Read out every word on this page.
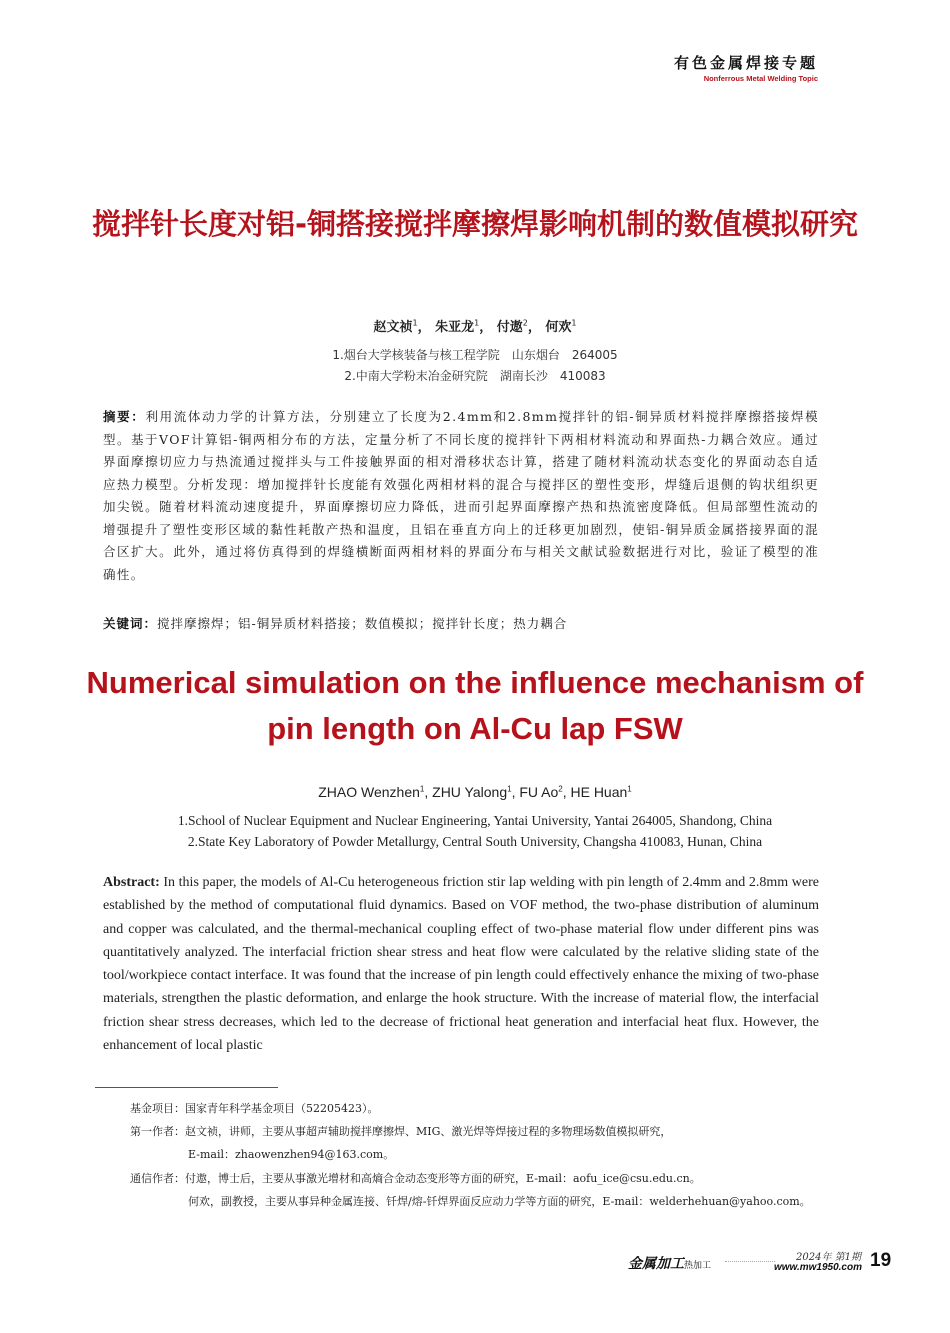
有色金属焊接专题
Nonferrous Metal Welding Topic
搅拌针长度对铝-铜搭接搅拌摩擦焊影响机制的数值模拟研究
赵文祯$^1$， 朱亚龙$^1$， 付遨$^2$， 何欢$^1$
1.烟台大学核装备与核工程学院 山东烟台 264005
2.中南大学粉末冶金研究院 湖南长沙 410083
摘要：利用流体动力学的计算方法，分别建立了长度为2.4mm和2.8mm搅拌针的铝-铜异质材料搅拌摩擦搭接焊模型。基于VOF计算铝-铜两相分布的方法，定量分析了不同长度的搅拌针下两相材料流动和界面热-力耦合效应。通过界面摩擦切应力与热流通过搅拌头与工件接触界面的相对滑移状态计算，搭建了随材料流动状态变化的界面动态自适应热力模型。分析发现：增加搅拌针长度能有效强化两相材料的混合与搅拌区的塑性变形，焊缝后退侧的钩状组织更加尖锐。随着材料流动速度提升，界面摩擦切应力降低，进而引起界面摩擦产热和热流密度降低。但局部塑性流动的增强提升了塑性变形区域的黏性耗散产热和温度，且铝在垂直方向上的迁移更加剧烈，使铝-铜异质金属搭接界面的混合区扩大。此外，通过将仿真得到的焊缝横断面两相材料的界面分布与相关文献试验数据进行对比，验证了模型的准确性。
关键词：搅拌摩擦焊；铝-铜异质材料搭接；数值模拟；搅拌针长度；热力耦合
Numerical simulation on the influence mechanism of pin length on Al-Cu lap FSW
ZHAO Wenzhen$^1$, ZHU Yalong$^1$, FU Ao$^2$, HE Huan$^1$
1.School of Nuclear Equipment and Nuclear Engineering, Yantai University, Yantai 264005, Shandong, China
2.State Key Laboratory of Powder Metallurgy, Central South University, Changsha 410083, Hunan, China
Abstract: In this paper, the models of Al-Cu heterogeneous friction stir lap welding with pin length of 2.4mm and 2.8mm were established by the method of computational fluid dynamics. Based on VOF method, the two-phase distribution of aluminum and copper was calculated, and the thermal-mechanical coupling effect of two-phase material flow under different pins was quantitatively analyzed. The interfacial friction shear stress and heat flow were calculated by the relative sliding state of the tool/workpiece contact interface. It was found that the increase of pin length could effectively enhance the mixing of two-phase materials, strengthen the plastic deformation, and enlarge the hook structure. With the increase of material flow, the interfacial friction shear stress decreases, which led to the decrease of frictional heat generation and interfacial heat flux. However, the enhancement of local plastic
基金项目：国家青年科学基金项目（52205423）。
第一作者：赵文祯，讲师，主要从事超声辅助搅拌摩擦焊、MIG、激光焊等焊接过程的多物理场数值模拟研究，
E-mail：zhaowenzhen94@163.com。
通信作者：付遨，博士后，主要从事激光增材和高熵合金动态变形等方面的研究，E-mail：aofu_ice@csu.edu.cn。
何欢，副教授，主要从事异种金属连接、钎焊/熔-钎焊界面反应动力学等方面的研究，E-mail：welderhehuan@yahoo.com。
金属加工热加工
2024年 第1期
www.mw1950.com 19
